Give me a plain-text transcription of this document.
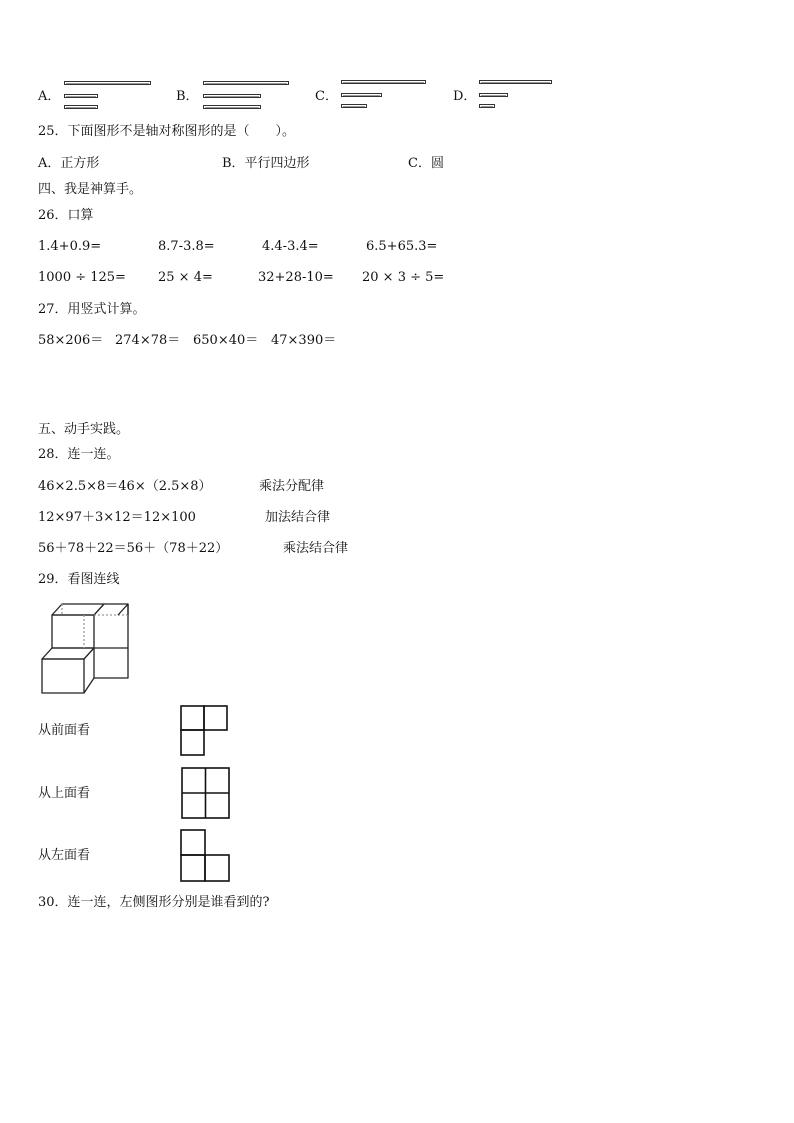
A．	B．	C．	D．
25．下面图形不是轴对称图形的是（　　）。
A．正方形	B．平行四边形	C．圆
四、我是神算手。
26．口算
1.4+0.9=	8.7-3.8=	4.4-3.4=	6.5+65.3=
1000 ÷ 125= 25 × 4=	32+28-10= 20 × 3 ÷ 5=
27．用竖式计算。
58×206＝ 274×78＝ 650×40＝ 47×390＝
五、动手实践。
28．连一连。
46×2.5×8＝46×（2.5×8）	乘法分配律
12×97＋3×12＝12×100	加法结合律
56＋78＋22＝56＋（78＋22）	乘法结合律
29．看图连线
从前面看
从上面看
从左面看
30．连一连，左侧图形分别是谁看到的?
